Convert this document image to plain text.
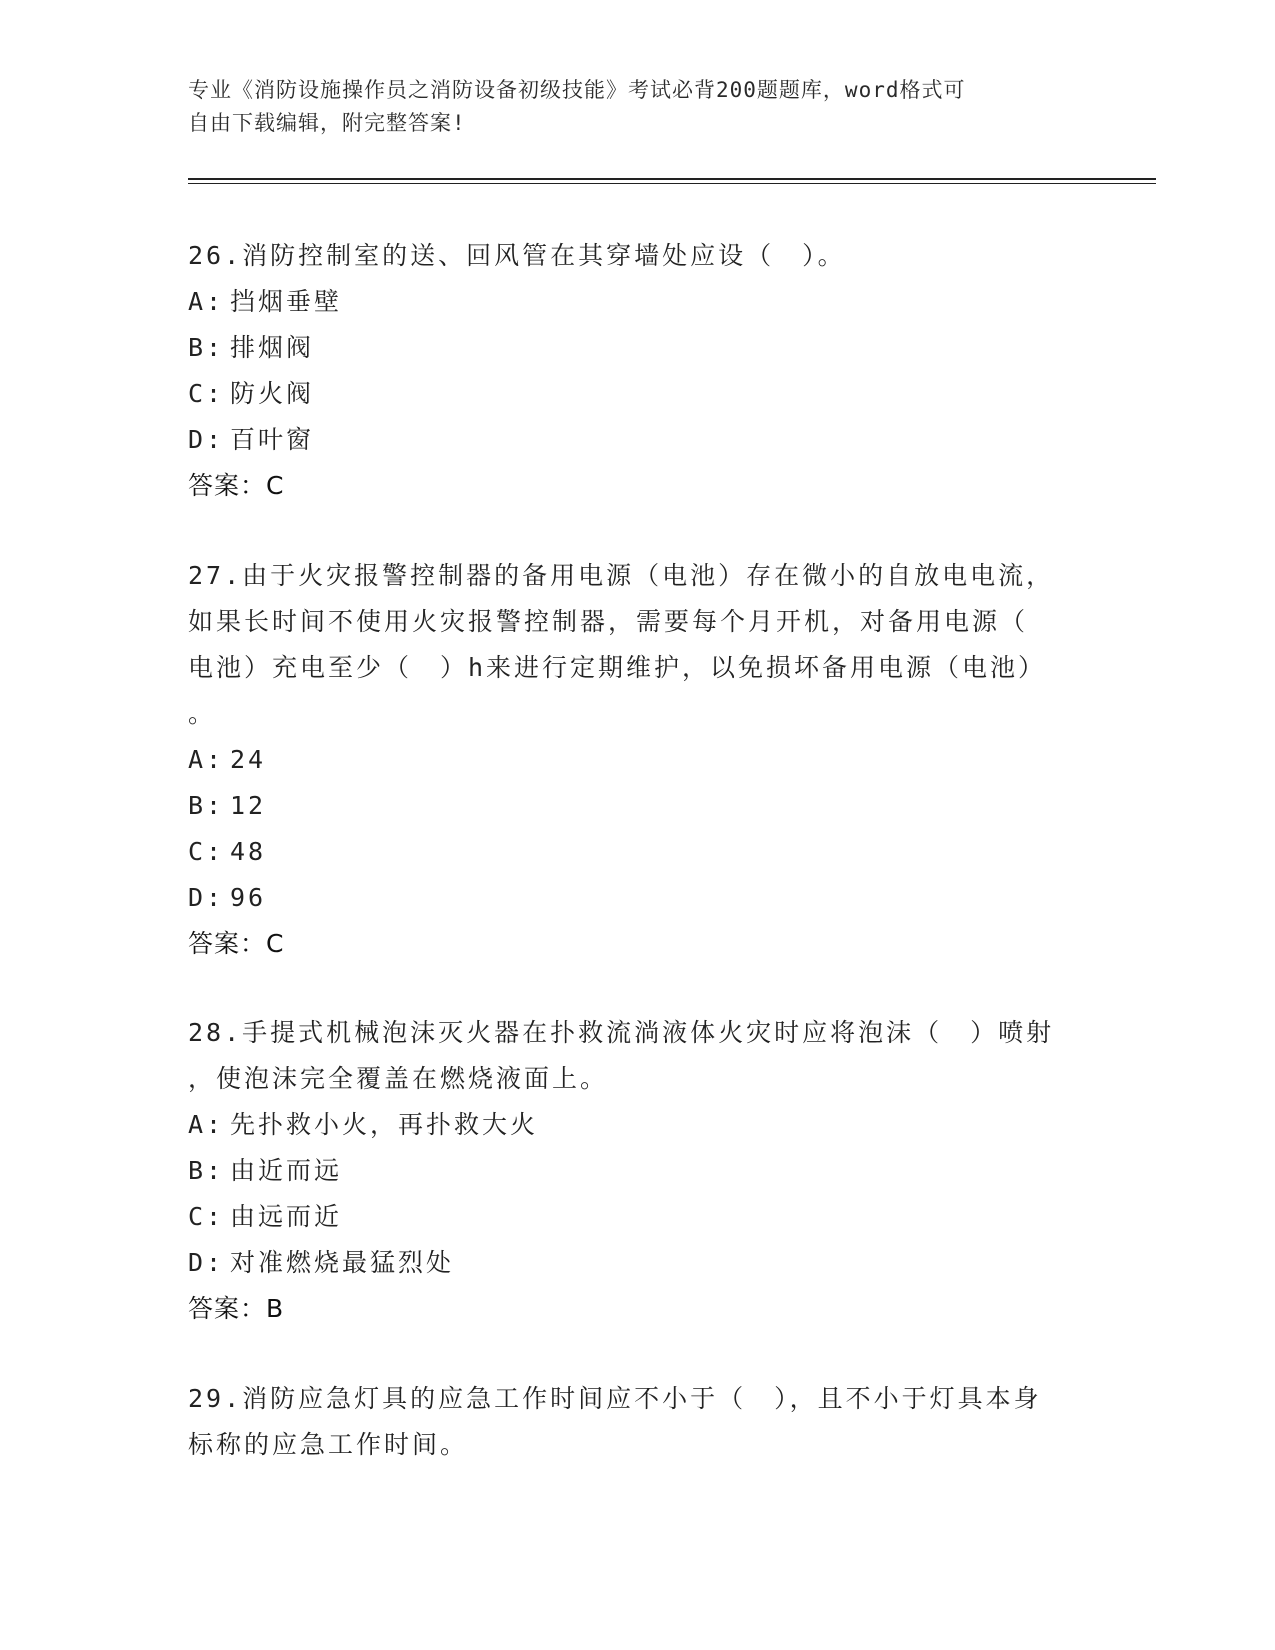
专业《消防设施操作员之消防设备初级技能》考试必背200题题库，word格式可
自由下载编辑，附完整答案!

26.消防控制室的送、回风管在其穿墙处应设（　）。

A: 挡烟垂壁

B: 排烟阀

C: 防火阀

D: 百叶窗

答案：C

27.由于火灾报警控制器的备用电源（电池）存在微小的自放电电流，

如果长时间不使用火灾报警控制器，需要每个月开机，对备用电源（

电池）充电至少（　）h来进行定期维护，以免损坏备用电源（电池）

。

A: 24

B: 12

C: 48

D: 96

答案：C

28.手提式机械泡沫灭火器在扑救流淌液体火灾时应将泡沫（　）喷射

，使泡沫完全覆盖在燃烧液面上。

A: 先扑救小火，再扑救大火

B: 由近而远

C: 由远而近

D: 对准燃烧最猛烈处

答案：B

29.消防应急灯具的应急工作时间应不小于（　），且不小于灯具本身

标称的应急工作时间。
